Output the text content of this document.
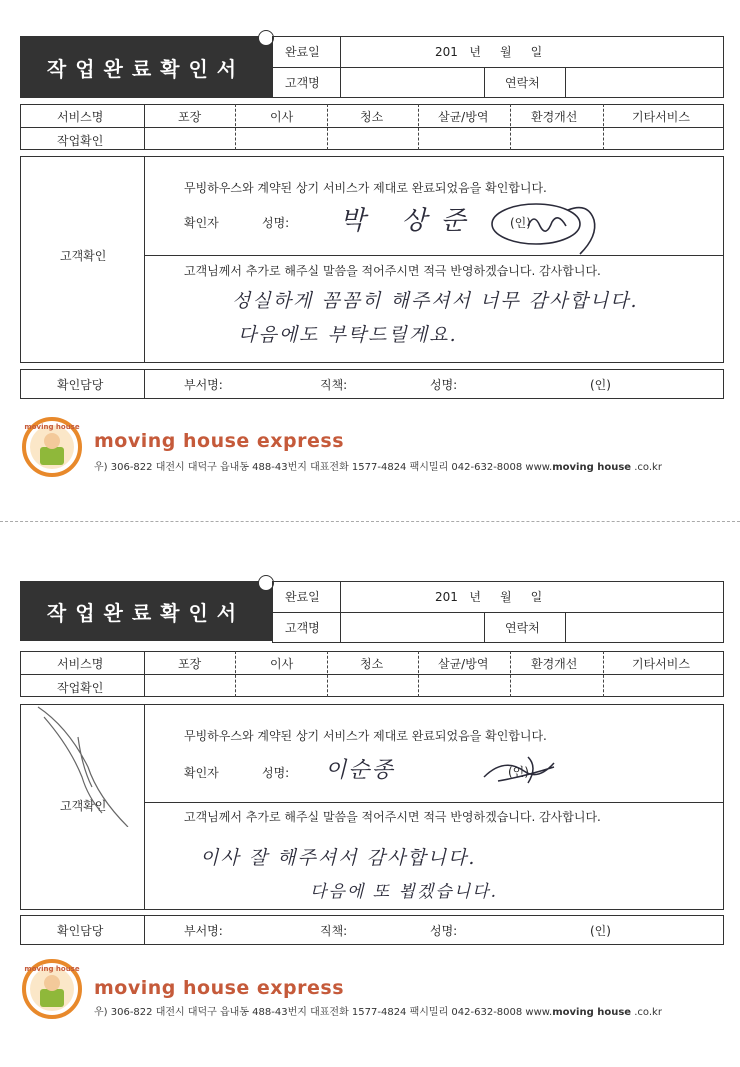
작업완료확인서
완료일	201   년     월     일
고객명	연락처
서비스명	포장	이사	청소	살균/방역	환경개선	기타서비스
작업확인
고객확인
무빙하우스와 계약된 상기 서비스가 제대로 완료되었음을 확인합니다.
확인자	성명: 박 상준	(인)
고객님께서 추가로 해주실 말씀을 적어주시면 적극 반영하겠습니다. 감사합니다.
성실하게 꼼꼼히 해주셔서 너무 감사합니다.
다음에도 부탁드릴게요.
확인담당	부서명:	직책:	성명:	(인)
moving house
moving house express
우) 306-822 대전시 대덕구 읍내동 488-43번지 대표전화 1577-4824 팩시밀리 042-632-8008 www.moving house .co.kr
작업완료확인서
완료일	201   년     월     일
고객명	연락처
서비스명	포장	이사	청소	살균/방역	환경개선	기타서비스
작업확인
고객확인
무빙하우스와 계약된 상기 서비스가 제대로 완료되었음을 확인합니다.
확인자	성명: 이순종	(인)
고객님께서 추가로 해주실 말씀을 적어주시면 적극 반영하겠습니다. 감사합니다.
이사 잘 해주셔서 감사합니다.
다음에 또 뵙겠습니다.
확인담당	부서명:	직책:	성명:	(인)
moving house
moving house express
우) 306-822 대전시 대덕구 읍내동 488-43번지 대표전화 1577-4824 팩시밀리 042-632-8008 www.moving house .co.kr
